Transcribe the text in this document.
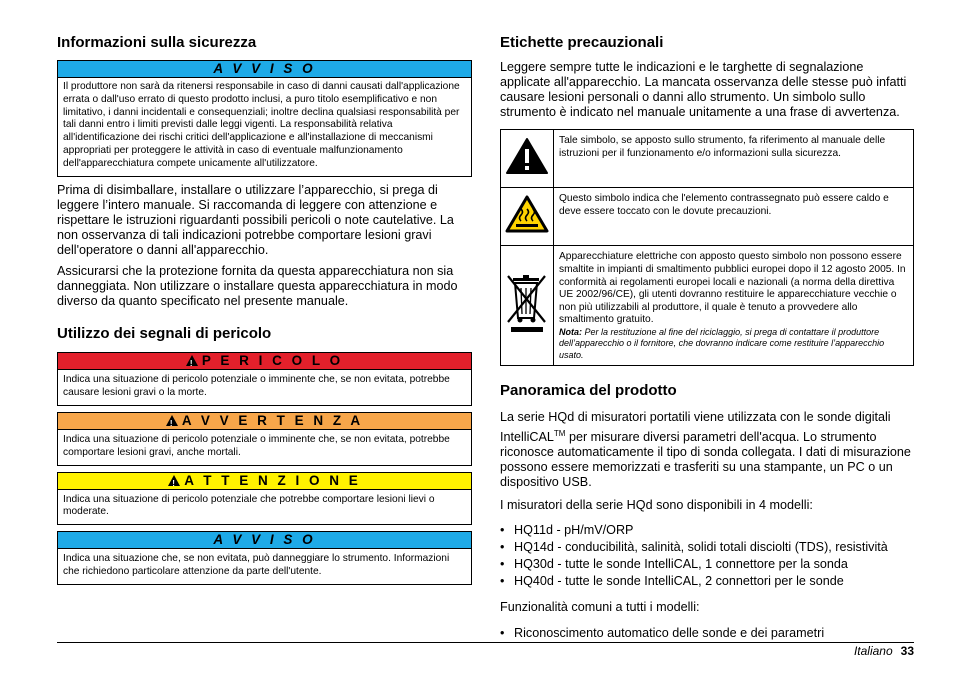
Informazioni sulla sicurezza
A V V I S O
Il produttore non sarà da ritenersi responsabile in caso di danni causati dall'applicazione errata o dall'uso errato di questo prodotto inclusi, a puro titolo esemplificativo e non limitativo, i danni incidentali e consequenziali; inoltre declina qualsiasi responsabilità per tali danni entro i limiti previsti dalle leggi vigenti. La responsabilità relativa all'identificazione dei rischi critici dell'applicazione e all'installazione di meccanismi appropriati per proteggere le attività in caso di eventuale malfunzionamento dell'apparecchiatura compete unicamente all'utilizzatore.

Prima di disimballare, installare o utilizzare l’apparecchio, si prega di leggere l’intero manuale. Si raccomanda di leggere con attenzione e rispettare le istruzioni riguardanti possibili pericoli o note cautelative. La non osservanza di tali indicazioni potrebbe comportare lesioni gravi dell'operatore o danni all'apparecchio.

Assicurarsi che la protezione fornita da questa apparecchiatura non sia danneggiata. Non utilizzare o installare questa apparecchiatura in modo diverso da quanto specificato nel presente manuale.

Utilizzo dei segnali di pericolo
!P E R I C O L O
Indica una situazione di pericolo potenziale o imminente che, se non evitata, potrebbe causare lesioni gravi o la morte.
!A V V E R T E N Z A
Indica una situazione di pericolo potenziale o imminente che, se non evitata, potrebbe comportare lesioni gravi, anche mortali.
!A T T E N Z I O N E
Indica una situazione di pericolo potenziale che potrebbe comportare lesioni lievi o moderate.
A V V I S O
Indica una situazione che, se non evitata, può danneggiare lo strumento. Informazioni che richiedono particolare attenzione da parte dell'utente.
Etichette precauzionali

Leggere sempre tutte le indicazioni e le targhette di segnalazione applicate all'apparecchio. La mancata osservanza delle stesse può infatti causare lesioni personali o danni allo strumento. Un simbolo sullo strumento è indicato nel manuale unitamente a una frase di avvertenza.

	Tale simbolo, se apposto sullo strumento, fa riferimento al manuale delle istruzioni per il funzionamento e/o informazioni sulla sicurezza.
	Questo simbolo indica che l'elemento contrassegnato può essere caldo e deve essere toccato con le dovute precauzioni.

Apparecchiature elettriche con apposto questo simbolo non possono essere smaltite in impianti di smaltimento pubblici europei dopo il 12 agosto 2005. In conformità ai regolamenti europei locali e nazionali (a norma della direttiva UE 2002/96/CE), gli utenti dovranno restituire le apparecchiature vecchie o non più utilizzabili al produttore, il quale è tenuto a provvedere allo smaltimento gratuito.
Nota: Per la restituzione al fine del riciclaggio, si prega di contattare il produttore dell’apparecchio o il fornitore, che dovranno indicare come restituire l’apparecchio usato.
Panoramica del prodotto

La serie HQd di misuratori portatili viene utilizzata con le sonde digitali IntelliCAL™ per misurare diversi parametri dell'acqua. Lo strumento riconosce automaticamente il tipo di sonda collegata. I dati di misurazione possono essere memorizzati e trasferiti su una stampante, un PC o un dispositivo USB.

I misuratori della serie HQd sono disponibili in 4 modelli:

• HQ11d - pH/mV/ORP
• HQ14d - conducibilità, salinità, solidi totali disciolti (TDS), resistività
• HQ30d - tutte le sonde IntelliCAL, 1 connettore per la sonda
• HQ40d - tutte le sonde IntelliCAL, 2 connettori per le sonde

Funzionalità comuni a tutti i modelli:

• Riconoscimento automatico delle sonde e dei parametri
Italiano 33
